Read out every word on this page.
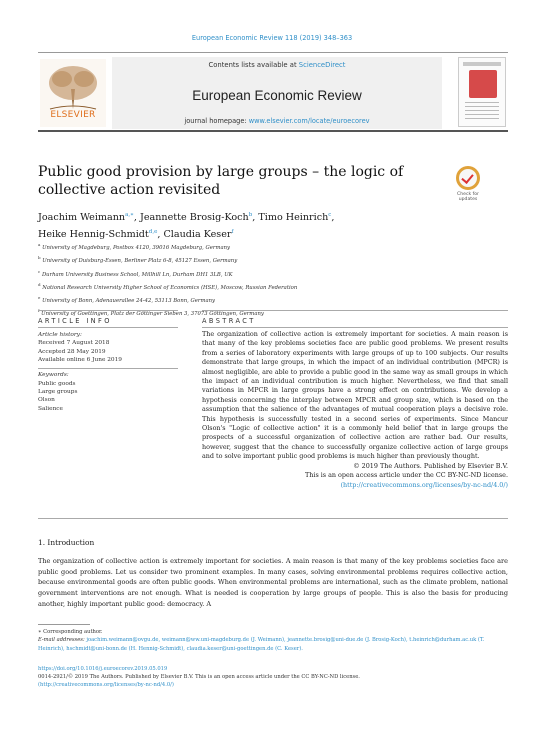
European Economic Review 118 (2019) 348–363
ELSEVIER
Contents lists available at ScienceDirect
European Economic Review
journal homepage: www.elsevier.com/locate/euroecorev
Public good provision by large groups – the logic of collective action revisited	Check for updates
Joachim Weimann$^{a,∗}$, Jeannette Brosig-Koch$^b$, Timo Heinrich$^c$,
Heike Hennig-Schmidt$^{d,e}$, Claudia Keser$^f$
$^a$ University of Magdeburg, Postbox 4120, 39016 Magdeburg, Germany
$^b$ University of Duisburg-Essen, Berliner Platz 6-8, 45127 Essen, Germany
$^c$ Durham University Business School, Millhill Ln, Durham DH1 3LB, UK
$^d$ National Research University Higher School of Economics (HSE), Moscow, Russian Federation
$^e$ University of Bonn, Adenauerallee 24-42, 53113 Bonn, Germany
$^f$ University of Goettingen, Platz der Göttinger Sieben 3, 37073 Göttingen, Germany
ARTICLE INFO	ABSTRACT
Article history:
Received 7 August 2018
Accepted 28 May 2019
Available online 6 June 2019
Keywords:
Public goods
Large groups
Olson
Salience

The organization of collective action is extremely important for societies. A main reason is that many of the key problems societies face are public good problems. We present results from a series of laboratory experiments with large groups of up to 100 subjects. Our results demonstrate that large groups, in which the impact of an individual contribution (MPCR) is almost negligible, are able to provide a public good in the same way as small groups in which the impact of an individual contribution is much higher. Nevertheless, we find that small variations in MPCR in large groups have a strong effect on contributions. We develop a hypothesis concerning the interplay between MPCR and group size, which is based on the assumption that the salience of the advantages of mutual cooperation plays a decisive role. This hypothesis is successfully tested in a second series of experiments. Since Mancur Olson's "Logic of collective action" it is a commonly held belief that in large groups the prospects of a successful organization of collective action are rather bad. Our results, however, suggest that the chance to successfully organize collective action of large groups and to solve important public good problems is much higher than previously thought.

© 2019 The Authors. Published by Elsevier B.V.
This is an open access article under the CC BY-NC-ND license.
(http://creativecommons.org/licenses/by-nc-nd/4.0/)
1. Introduction
The organization of collective action is extremely important for societies. A main reason is that many of the key problems societies face are public good problems. Let us consider two prominent examples. In many cases, solving environmental problems requires collective action, because environmental goods are often public goods. When environmental problems are international, such as the climate problem, national government interventions are not enough. What is needed is cooperation by large groups of people. This is also the basis for producing another, highly important public good: democracy. A
∗ Corresponding author.
E-mail addresses: joachim.weimann@ovgu.de, weimann@ww.uni-magdeburg.de (J. Weimann), jeannette.brosig@uni-due.de (J. Brosig-Koch), t.heinrich@durham.ac.uk (T. Heinrich), hschmidt@uni-bonn.de (H. Hennig-Schmidt), claudia.keser@uni-goettingen.de (C. Keser).
https://doi.org/10.1016/j.euroecorev.2019.05.019
0014-2921/© 2019 The Authors. Published by Elsevier B.V. This is an open access article under the CC BY-NC-ND license.
(http://creativecommons.org/licenses/by-nc-nd/4.0/)
